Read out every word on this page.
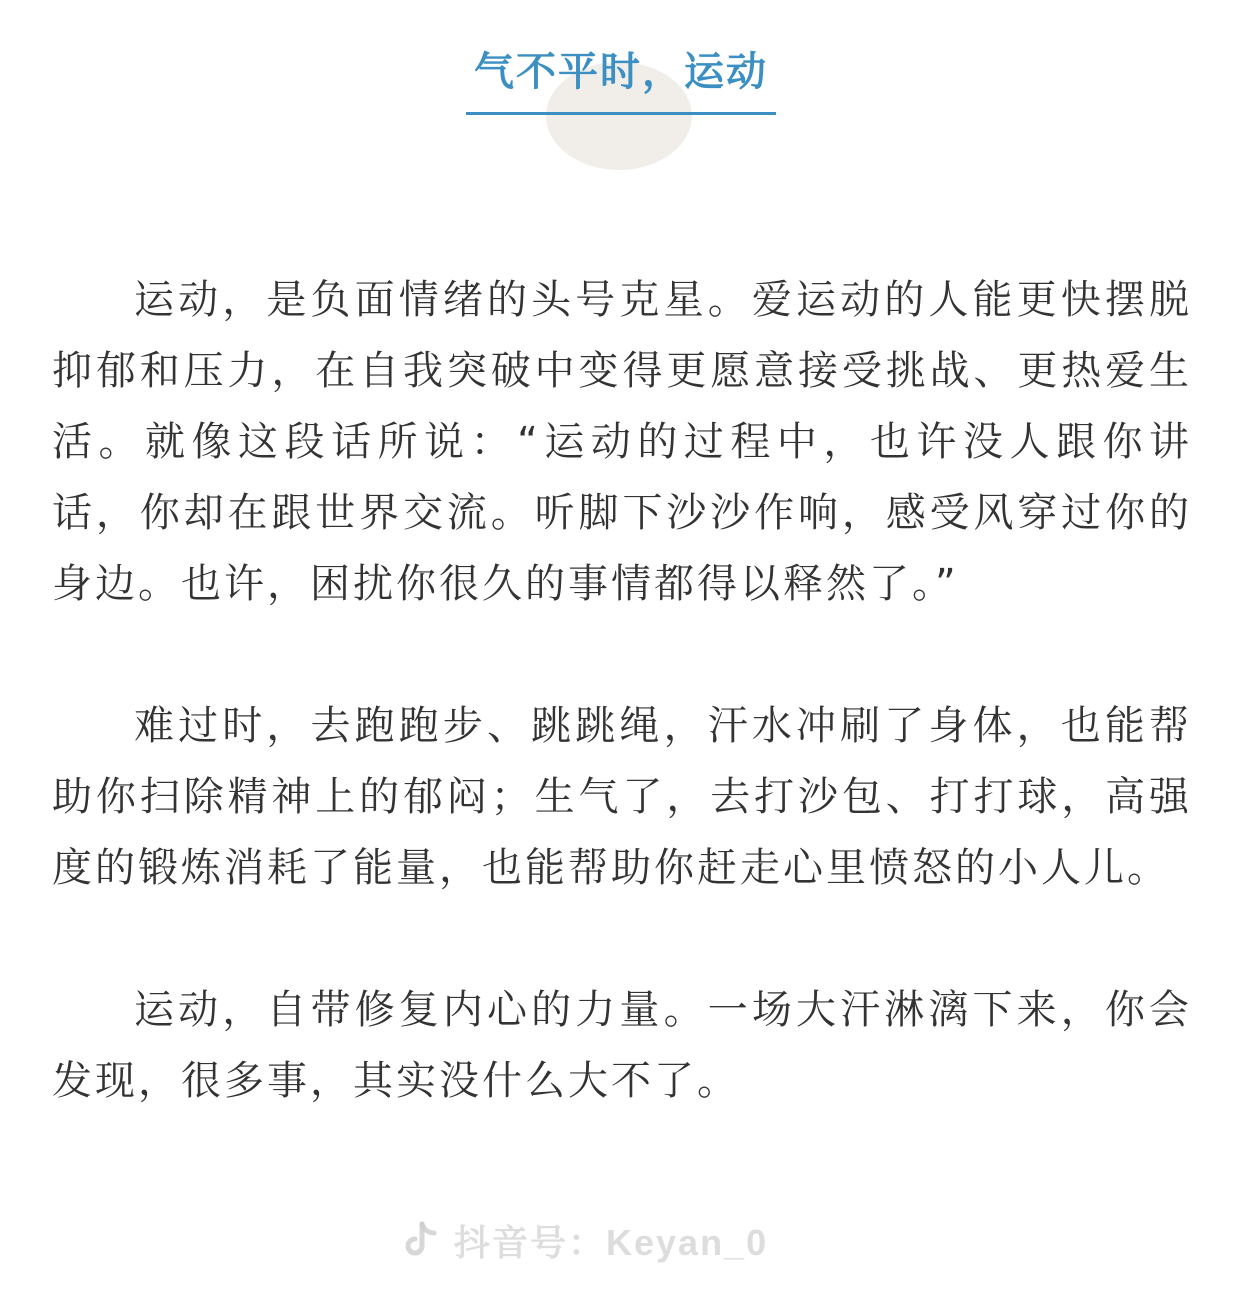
气不平时，运动

运动，是负面情绪的头号克星。爱运动的人能更快摆脱抑郁和压力，在自我突破中变得更愿意接受挑战、更热爱生活。就像这段话所说：“运动的过程中，也许没人跟你讲话，你却在跟世界交流。听脚下沙沙作响，感受风穿过你的身边。也许，困扰你很久的事情都得以释然了。”

难过时，去跑跑步、跳跳绳，汗水冲刷了身体，也能帮助你扫除精神上的郁闷；生气了，去打沙包、打打球，高强度的锻炼消耗了能量，也能帮助你赶走心里愤怒的小人儿。

运动，自带修复内心的力量。一场大汗淋漓下来，你会发现，很多事，其实没什么大不了。

抖音号：Keyan_0
